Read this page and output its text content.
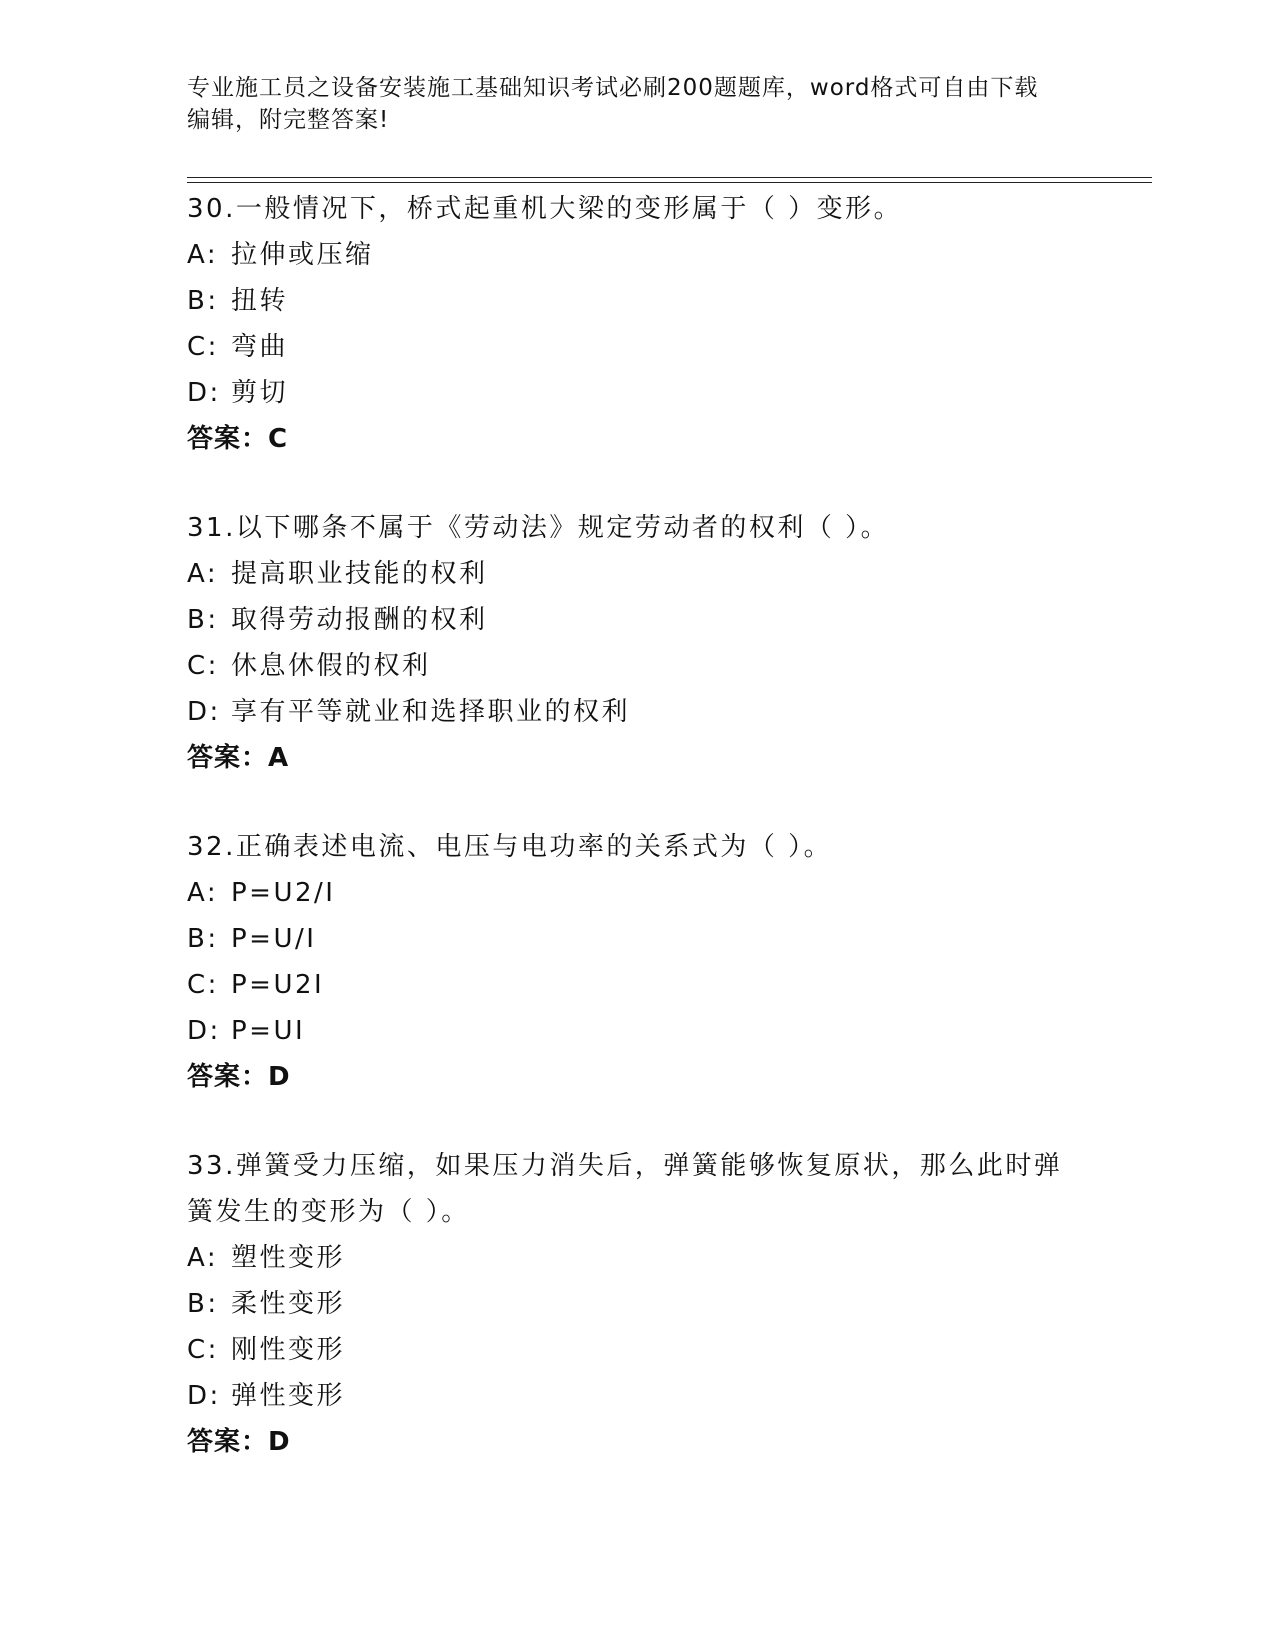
专业施工员之设备安装施工基础知识考试必刷200题题库，word格式可自由下载
编辑，附完整答案!
30.一般情况下，桥式起重机大梁的变形属于（ ）变形。
A: 拉伸或压缩
B: 扭转
C: 弯曲
D: 剪切
答案：C
31.以下哪条不属于《劳动法》规定劳动者的权利（ ）。
A: 提高职业技能的权利
B: 取得劳动报酬的权利
C: 休息休假的权利
D: 享有平等就业和选择职业的权利
答案：A
32.正确表述电流、电压与电功率的关系式为（ ）。
A: P=U2/I
B: P=U/I
C: P=U2I
D: P=UI
答案：D
33.弹簧受力压缩，如果压力消失后，弹簧能够恢复原状，那么此时弹
簧发生的变形为（ ）。
A: 塑性变形
B: 柔性变形
C: 刚性变形
D: 弹性变形
答案：D
